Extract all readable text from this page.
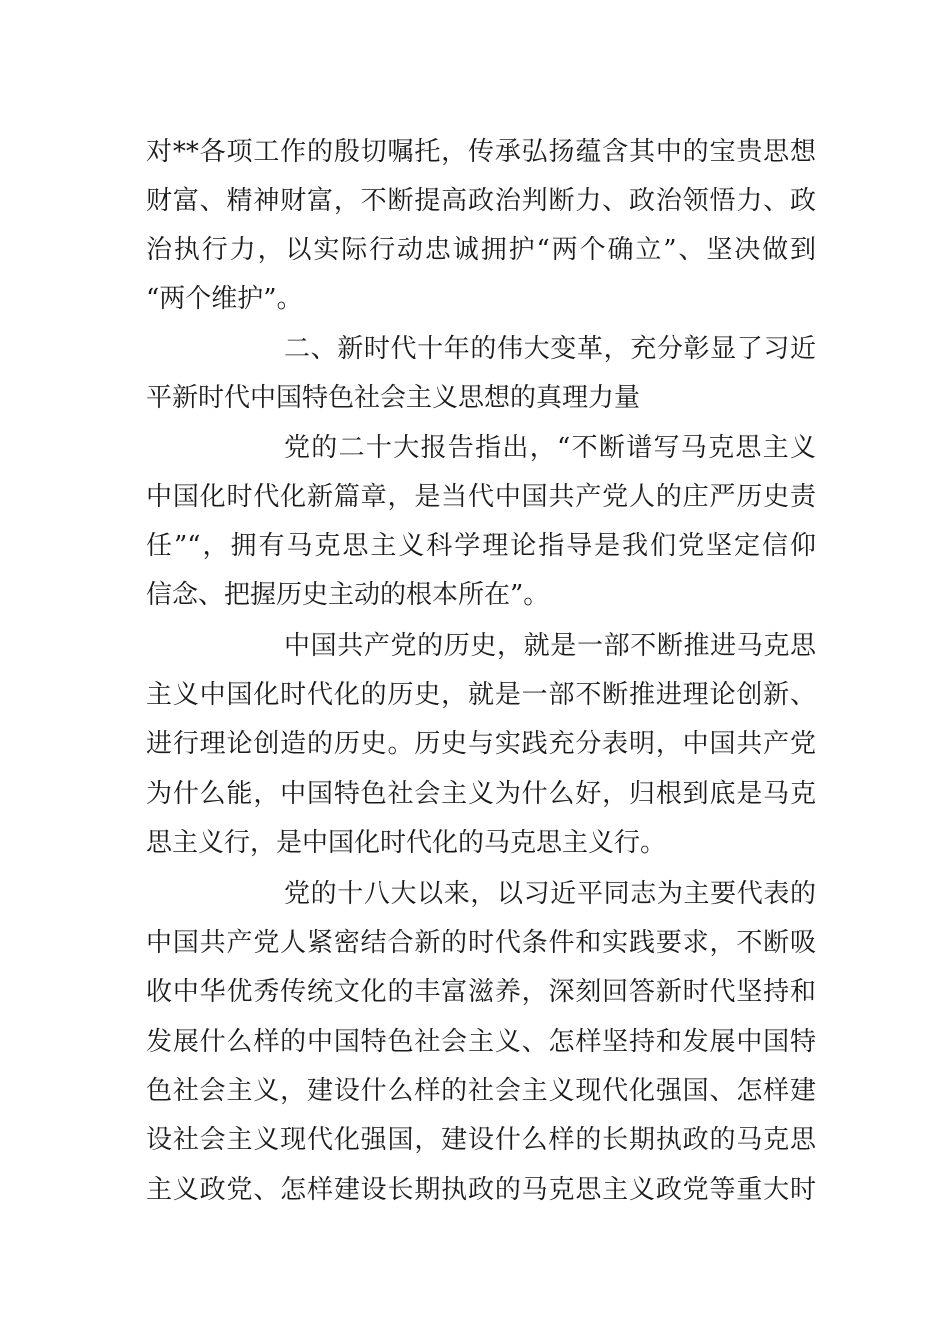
对**各项工作的殷切嘱托，传承弘扬蕴含其中的宝贵思想

财富、精神财富，不断提高政治判断力、政治领悟力、政

治执行力，以实际行动忠诚拥护“两个确立”、坚决做到

“两个维护”。

二、新时代十年的伟大变革，充分彰显了习近

平新时代中国特色社会主义思想的真理力量

党的二十大报告指出，“不断谱写马克思主义

中国化时代化新篇章，是当代中国共产党人的庄严历史责

任”“，拥有马克思主义科学理论指导是我们党坚定信仰

信念、把握历史主动的根本所在”。

中国共产党的历史，就是一部不断推进马克思

主义中国化时代化的历史，就是一部不断推进理论创新、

进行理论创造的历史。历史与实践充分表明，中国共产党

为什么能，中国特色社会主义为什么好，归根到底是马克

思主义行，是中国化时代化的马克思主义行。

党的十八大以来，以习近平同志为主要代表的

中国共产党人紧密结合新的时代条件和实践要求，不断吸

收中华优秀传统文化的丰富滋养，深刻回答新时代坚持和

发展什么样的中国特色社会主义、怎样坚持和发展中国特

色社会主义，建设什么样的社会主义现代化强国、怎样建

设社会主义现代化强国，建设什么样的长期执政的马克思

主义政党、怎样建设长期执政的马克思主义政党等重大时
